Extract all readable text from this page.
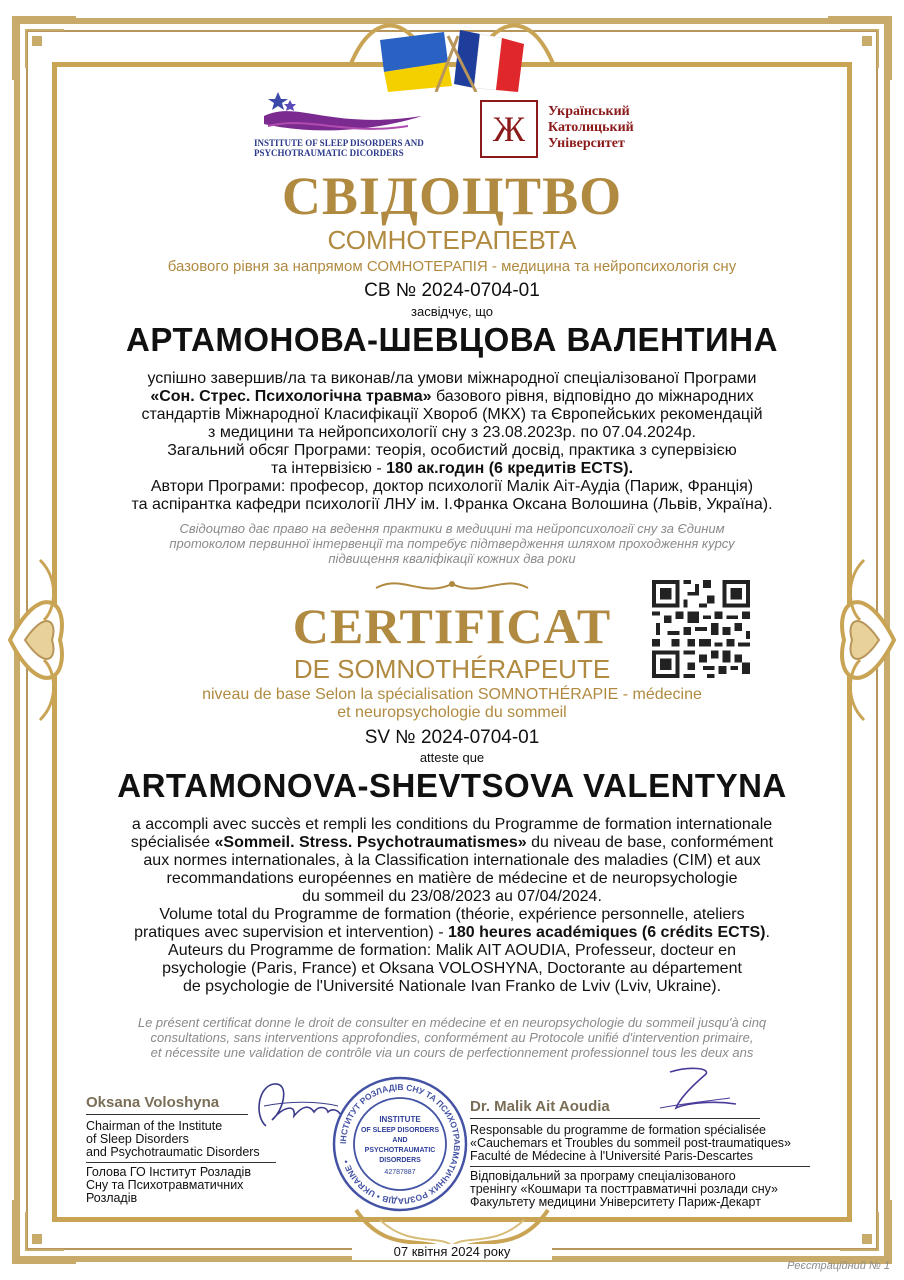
INSTITUTE OF SLEEP DISORDERS AND PSYCHOTRAUMATIC DICORDERS
Ж	Український
Католицький
Університет
СВІДОЦТВО
СОМНОТЕРАПЕВТА
базового рівня за напрямом СОМНОТЕРАПІЯ - медицина та нейропсихологія сну
СВ № 2024-0704-01
засвідчує, що
АРТАМОНОВА-ШЕВЦОВА ВАЛЕНТИНА
успішно завершив/ла та виконав/ла умови міжнародної спеціалізованої Програми
«Сон. Стрес. Психологічна травма» базового рівня, відповідно до міжнародних
стандартів Міжнародної Класифікації Хвороб (МКХ) та Європейських рекомендацій
з медицини та нейропсихології сну з 23.08.2023р. по 07.04.2024р.
Загальний обсяг Програми: теорія, особистий досвід, практика з супервізією
та інтервізією - 180 ак.годин (6 кредитів ECTS).
Автори Програми: професор, доктор психології Малік Аіт-Аудіа (Париж, Франція)
та аспірантка кафедри психології ЛНУ ім. І.Франка Оксана Волошина (Львів, Україна).
Свідоцтво дає право на ведення практики в медицині та нейропсихології сну за Єдиним
протоколом первинної інтервенції та потребує підтвердження шляхом проходження курсу
підвищення кваліфікації кожних два роки
CERTIFICAT
DE SOMNOTHÉRAPEUTE
niveau de base Selon la spécialisation SOMNOTHÉRAPIE - médecine
et neuropsychologie du sommeil
SV № 2024-0704-01
atteste que
ARTAMONOVA-SHEVTSOVA VALENTYNA
a accompli avec succès et rempli les conditions du Programme de formation internationale
spécialisée «Sommeil. Stress. Psychotraumatismes» du niveau de base, conformément
aux normes internationales, à la Classification internationale des maladies (CIM) et aux
recommandations européennes en matière de médecine et de neuropsychologie
du sommeil du 23/08/2023 au 07/04/2024.
Volume total du Programme de formation (théorie, expérience personnelle, ateliers
pratiques avec supervision et intervention) - 180 heures académiques (6 crédits ECTS).
Auteurs du Programme de formation: Malik AIT AOUDIA, Professeur, docteur en
psychologie (Paris, France) et Oksana VOLOSHYNA, Doctorante au département
de psychologie de l'Université Nationale Ivan Franko de Lviv (Lviv, Ukraine).
Le présent certificat donne le droit de consulter en médecine et en neuropsychologie du sommeil jusqu'à cinq
consultations, sans interventions approfondies, conformément au Protocole unifié d'intervention primaire,
et nécessite une validation de contrôle via un cours de perfectionnement professionnel tous les deux ans
Oksana Voloshyna
Chairman of the Institute
of Sleep Disorders
and Psychotraumatic Disorders
Голова ГО Інститут Розладів
Сну та Психотравматичних
Розладів
ІНСТИТУТ РОЗЛАДІВ СНУ ТА ПСИХОТРАВМАТИЧНИХ РОЗЛАДІВ • UKRAINE •
INSTITUTE
OF SLEEP DISORDERS
AND
PSYCHOTRAUMATIC
DISORDERS
42787887
Dr. Malik Ait Aoudia
Responsable du programme de formation spécialisée
«Cauchemars et Troubles du sommeil post-traumatiques»
Faculté de Médecine à l'Université Paris-Descartes
Відповідальний за програму спеціалізованого
тренінгу «Кошмари та посттравматичні розлади сну»
Факультету медицини Університету Париж-Декарт
07 квітня 2024 року
Реєстраційний № 1
